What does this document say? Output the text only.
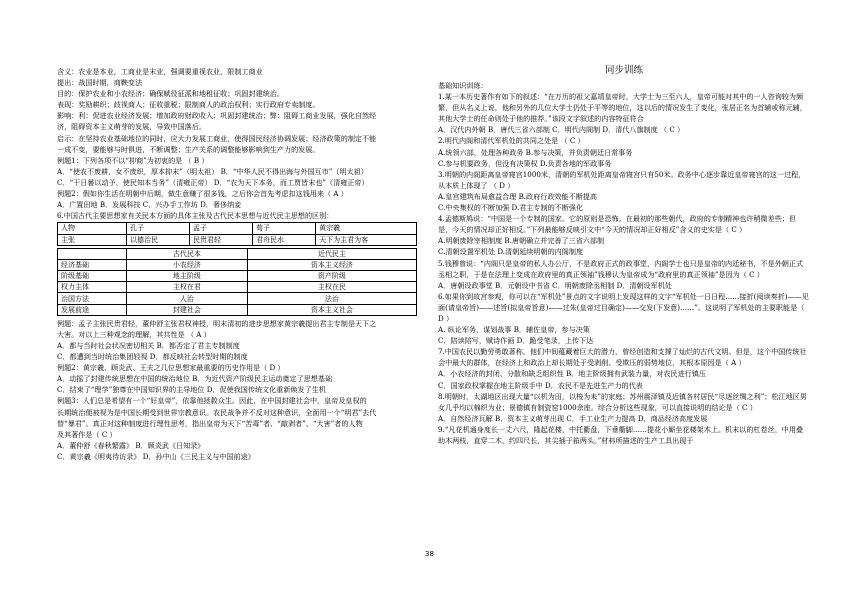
含义：农业是本业，工商业是末业，强调要重视农业，限制工商业
提出：战国时期，商鞅变法
目的：保护农业和小农经济；确保赋役征派和地租征收；巩固封建统治。
表现：奖励耕织；歧视商人；征收重税；限制商人的政治权利；实行政府专卖制度。
影响：利：促进农业经济发展；增加政府财政收入；巩固封建统治；弊：阻碍工商业发展，强化自然经
济，阻碍资本主义萌芽的发展，导致中国落后。
启示：在坚持农业基础地位的同时，应大力发展工商业，使得国民经济协调发展；经济政策的制定不能
一成不变，要能够与时俱进，不断调整；生产关系的调整能够影响到生产力的发展。
例题1：下列各项不以“抑商”为初衷的是 （ B ）
A．“使农不废耕，女不废织，厚本抑末”（明太祖） B．“中华人民不得出海与外国互市”（明太祖）
C．“干日晷以动予，使民知本当务”（清雍正帝） D．“农为天下本务，而工贾皆末也”（清雍正帝）
例题2：假如你生活在明朝中后期，做生意赚了很多钱，之后你会首先考虑扣这钱用来（ A ）
A．广置田地 B．发展科技 C．兴办手工作坊 D．奢侈纳妾
6.中国古代主要思想家有关民本方面的具体主张及古代民本思想与近代民主思想的区别：
人物	孔子	孟子	荀子	黄宗羲
主张	以德治民	民贵君轻	君舟民水	天下为主君为客
	古代民本	近代民主
经济基础	小农经济	资本主义经济
阶级基础	地主阶级	资产阶级
权力主体	主权在君	主权在民
治国方法	人治	法治
发展前途	封建社会	资本主义社会
例题：孟子主张民贵君轻，董仲舒主张君权神授，明末清初的进步思想家黄宗羲提出君主专制是天下之
大害。对以上三种观念的理解，其共性是 （ A ）
A．都与当时社会状况密切相关 B．都否定了君主专制制度
C．都遭到当时统治集团轻视 D．都反映社会转型时期的制度
例题2：黄宗羲、顾炎武、王夫之几位思想家最重要的历史作用是（ D ）
A．动摇了封建传统思想在中国的统治地位 B．为近代资产阶级民主运动奠定了思想基础
C．结束了“理学”独尊在中国知识界的主导地位 D．促使我国传统文化重新焕发了生机
例题3：人们总是希望有一个“好皇帝”，依靠他拯救众生。因此，在中国封建社会中，皇帝及皇权的
长期统治便被视为是中国长期受到世界宗教意识。农民战争并不反对这种意识，全面用一个“明君”去代
替“暴君”。真正对这种制度进行理性思考，指出皇帝为天下“苦毒”者、“敲剥者”、“大害”者的人物
及其著作是（ C ）
A．董仲舒《春秋繁露》 B．顾炎武《日知录》
C．黄宗羲《明夷待访录》 D．孙中山《三民主义与中国前途》
同步训练
基础知识训练：
1.某一本历史著作有如下的叙述：“在万历的祖父嘉靖皇帝时，大学士为三至六人，皇帝可能对其中的一人咨询较为频繁，但从名义上说，他和另外的几位大学士仍处于平等的地位，这以后的情况发生了变化，张居正名为首辅或称元辅，其他大学士的任命则处于他的推荐。”该段文字叙述的内容特征符合
A．汉代内外朝 B．唐代三省六部制 C．明代内阁制 D．清代八旗制度 （ C ）
2.明代内阁和清代军机处的共同之处是 （ C ）
A.统领六部，处理各种政务 B.参与决策，并负责朝廷日常事务
C.参与机要政务，但没有决策权 D.负责各地的军政事务
3.明朝的内阁距离皇帝寝宫1000米，清朝的军机处距离皇帝寝宫只有50米。政务中心逐步靠近皇帝寝宫的这一过程，从本质上体现了 （ D ）
A.皇宫建筑布局愈益合理 B.政府行政效能不断提高
C.中央集权的不断加强 D.君主专制的不断强化
4.孟德斯鸠说：“中国是一个专制的国家。它的原则是恐怖。在最初的那些朝代，政府的专制精神也许稍微差些；但是，今天的情况却正好相反。”下列最能够反映引文中“今天的情况却正好相反”含义的史实是（ C ）
A.明朝废除宰相制度 B.唐朝确立并完善了三省六部制
C.清朝设置军机处 D.清朝延续明朝的内阁制度
5.钱穆曾说：“内阁只是皇帝的私人办公厅，不是政府正式的政事堂，内阁学士也只是皇帝的内廷秘书，不是外朝正式丞相之职，于是在法理上变成在政府里的真正领袖”钱穆认为皇帝成为“政府里的真正领袖”是因为（ C ）
A．唐朝设政事堂 B．元朝设中书省 C．明朝废除丞相制 D．清朝设军机处
6.如果你到故宫参观，你可以在“军机处”景点的文字说明上发现这样的文字“军机处一日日程……接折(阅读奏折)——见面(请皇帝旨)——述旨(拟皇帝旨意)——过朱(皇帝过目确定)——交发(下发意)……”。这说明了军机处的主要职能是（ D ）
A. 纵论军务，谋划战事 B．辅佐皇帝，参与决策
C．陪读陪写，赋诗作画 D．跪受笔录，上传下达
7.中国农民以勤劳勇敢著称，他们中间蕴藏着巨大的潜力，曾经创造和支撑了灿烂的古代文明。但是，这个中国传统社会中最大的群体，在经济上和政治上却长期处于受剥削、受欺压的弱势地位，其根本原因是（ A ）
A．小农经济的封闭、分散和缺乏组织性 B．地主阶级拥有武装力量，对农民进行镇压
C．国家政权掌握在地主阶级手中 D．农民不是先进生产力的代表
8.明朝时，太湖地区出现大量“以机为田，以梭为耒”的家庭；苏州震泽镇及近镇各村居民“尽逐丝绸之利”；松江地区男女几乎均以棉织为业；景德镇有制瓷窑1000余座。综合分析这些现象，可以直接说明的结论是（ C ）
A．自然经济瓦解 B．资本主义萌芽出现 C．手工业生产力提高 D．商品经济高度发展
9.“凡花机通身度长一丈六尺，隆起花楼，中托衢盘，下垂衢脚……提花小厮坐花楼架木上。机末以的杠卷丝，中用叠助木两枝，直穿二木，约四尺长，其尖插于筘两头。”材料所描述的生产工具出现于
38
